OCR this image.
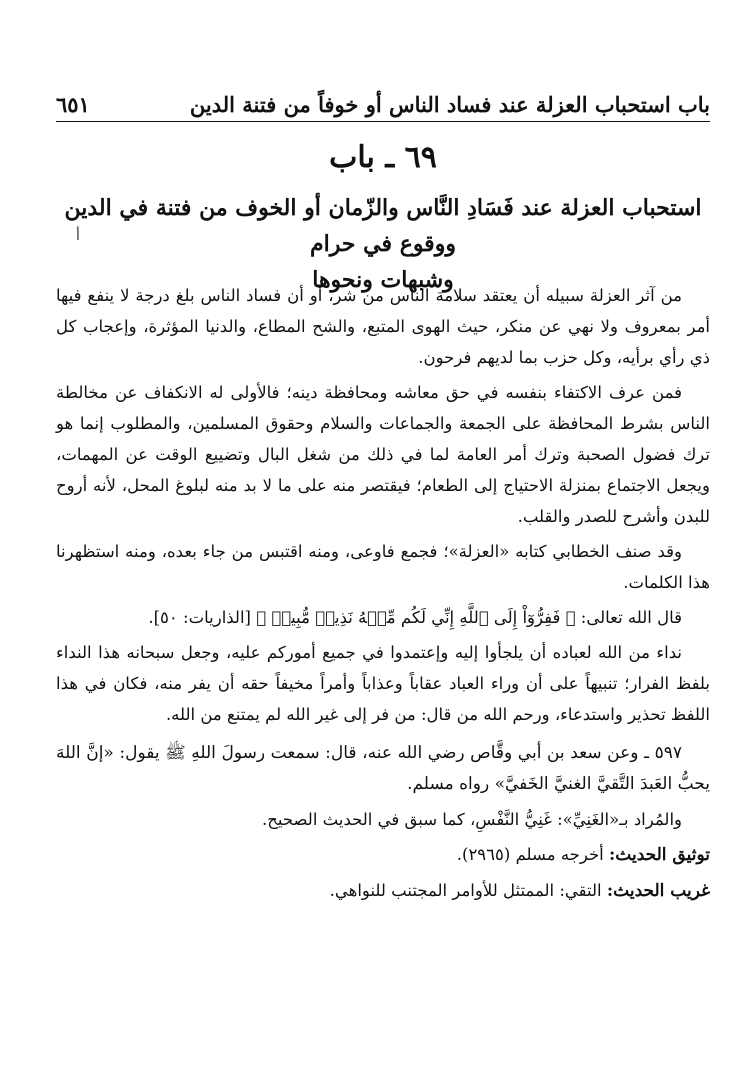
باب استحباب العزلة عند فساد الناس أو خوفاً من فتنة الدين
٦٥١
٦٩ ـ باب
استحباب العزلة عند فَسَادِ النَّاس والزّمان أو الخوف من فتنة في الدين ووقوع في حرام
وشبهات ونحوها
أ

من آثر العزلة سبيله أن يعتقد سلامة الناس من شر، أو أن فساد الناس بلغ درجة لا ينفع فيها أمر بمعروف ولا نهي عن منكر، حيث الهوى المتبع، والشح المطاع، والدنيا المؤثرة، وإعجاب كل ذي رأي برأيه، وكل حزب بما لديهم فرحون.

فمن عرف الاكتفاء بنفسه في حق معاشه ومحافظة دينه؛ فالأولى له الانكفاف عن مخالطة الناس بشرط المحافظة على الجمعة والجماعات والسلام وحقوق المسلمين، والمطلوب إنما هو ترك فضول الصحبة وترك أمر العامة لما في ذلك من شغل البال وتضييع الوقت عن المهمات، ويجعل الاجتماع بمنزلة الاحتياج إلى الطعام؛ فيقتصر منه على ما لا بد منه لبلوغ المحل، لأنه أروح للبدن وأشرح للصدر والقلب.

وقد صنف الخطابي كتابه «العزلة»؛ فجمع فاوعى، ومنه اقتبس من جاء بعده، ومنه استظهرنا هذا الكلمات.

قال الله تعالى: ﴿ فَفِرُّوٓاْ إِلَى ٱللَّهِ إِنِّي لَكُم مِّنۡهُ نَذِيرٞ مُّبِينٞ ﴾ [الذاريات: ٥٠].

نداء من الله لعباده أن يلجأوا إليه وإعتمدوا في جميع أموركم عليه، وجعل سبحانه هذا النداء بلفظ الفرار؛ تنبيهاً على أن وراء العباد عقاباً وعذاباً وأمراً مخيفاً حقه أن يفر منه، فكان في هذا اللفظ تحذير واستدعاء، ورحم الله من قال: من فر إلى غير الله لم يمتنع من الله.

٥٩٧ ـ وعن سعد بن أبي وقَّاص رضي الله عنه، قال: سمعت رسولَ اللهِ ﷺ يقول: «إنَّ اللهَ يحبُّ العَبدَ التَّقيَّ الغنيَّ الخَفيَّ» رواه مسلم.

والمُراد بـ«الغَنِيِّ»: غَنِيُّ النَّفْسِ، كما سبق في الحديث الصحيح.

توثيق الحديث: أخرجه مسلم (٢٩٦٥).

غريب الحديث: التقي: الممتثل للأوامر المجتنب للنواهي.
